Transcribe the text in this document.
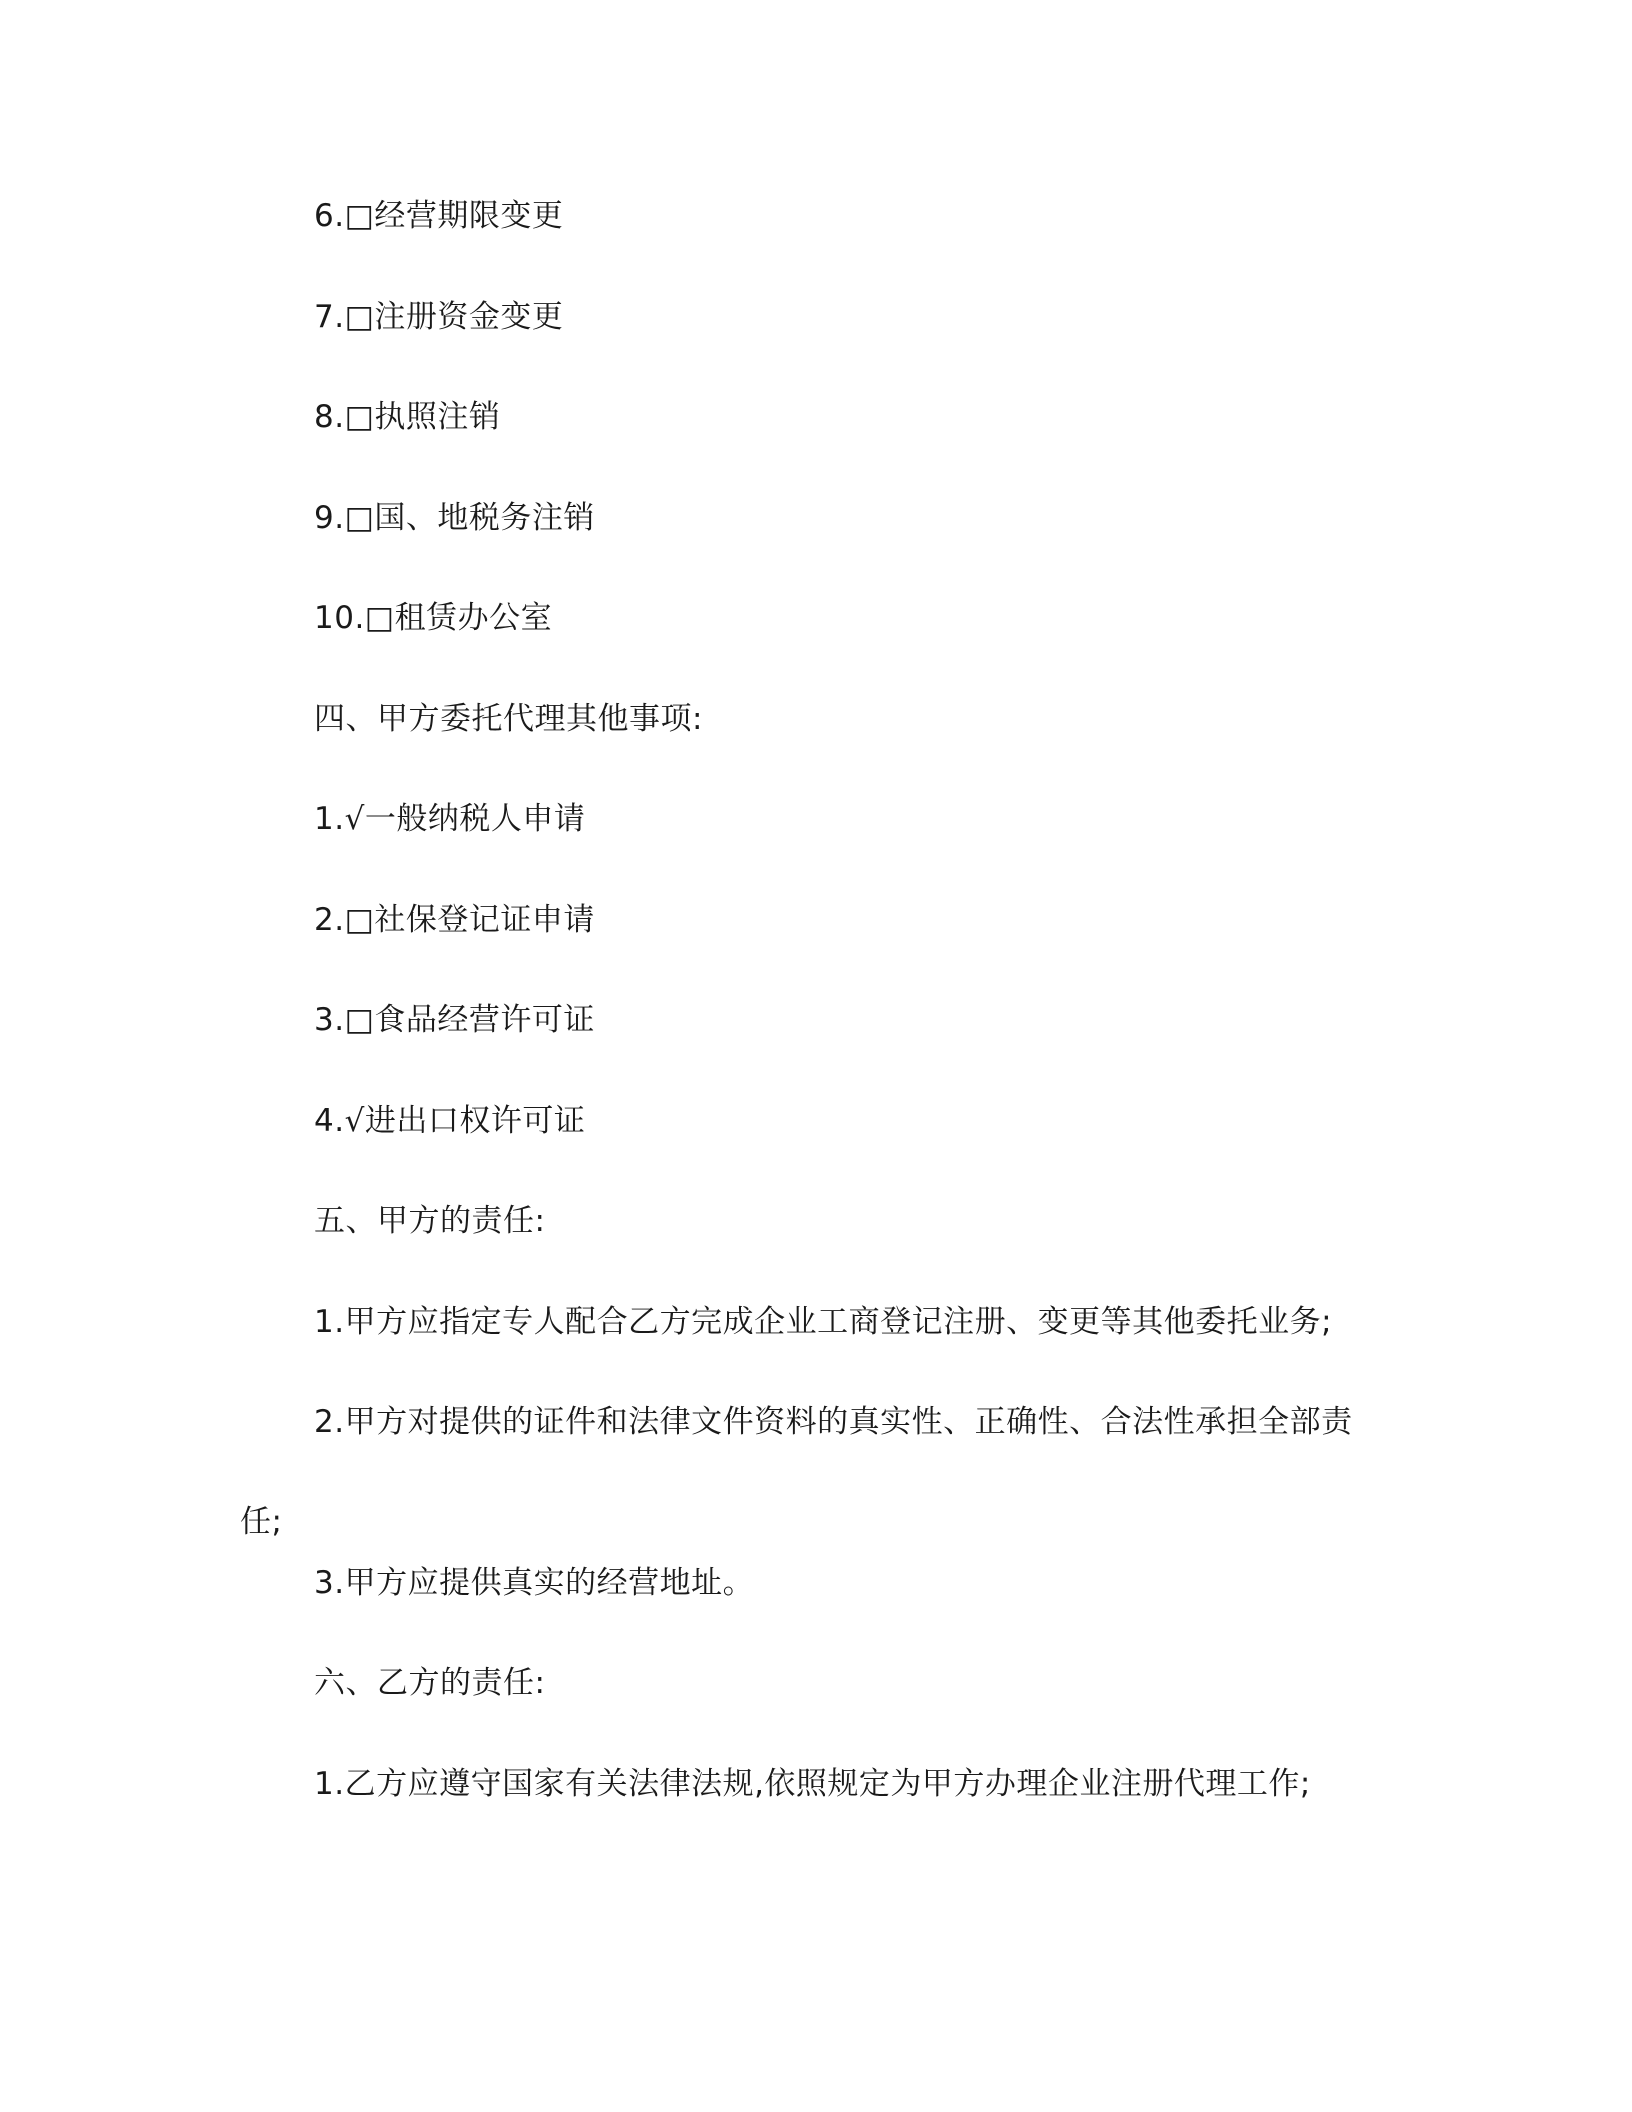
6.□经营期限变更
7.□注册资金变更
8.□执照注销
9.□国、地税务注销
10.□租赁办公室
四、甲方委托代理其他事项:
1.√一般纳税人申请
2.□社保登记证申请
3.□食品经营许可证
4.√进出口权许可证
五、甲方的责任:
1.甲方应指定专人配合乙方完成企业工商登记注册、变更等其他委托业务;
2.甲方对提供的证件和法律文件资料的真实性、正确性、合法性承担全部责
任;
3.甲方应提供真实的经营地址。
六、乙方的责任:
1.乙方应遵守国家有关法律法规,依照规定为甲方办理企业注册代理工作;
